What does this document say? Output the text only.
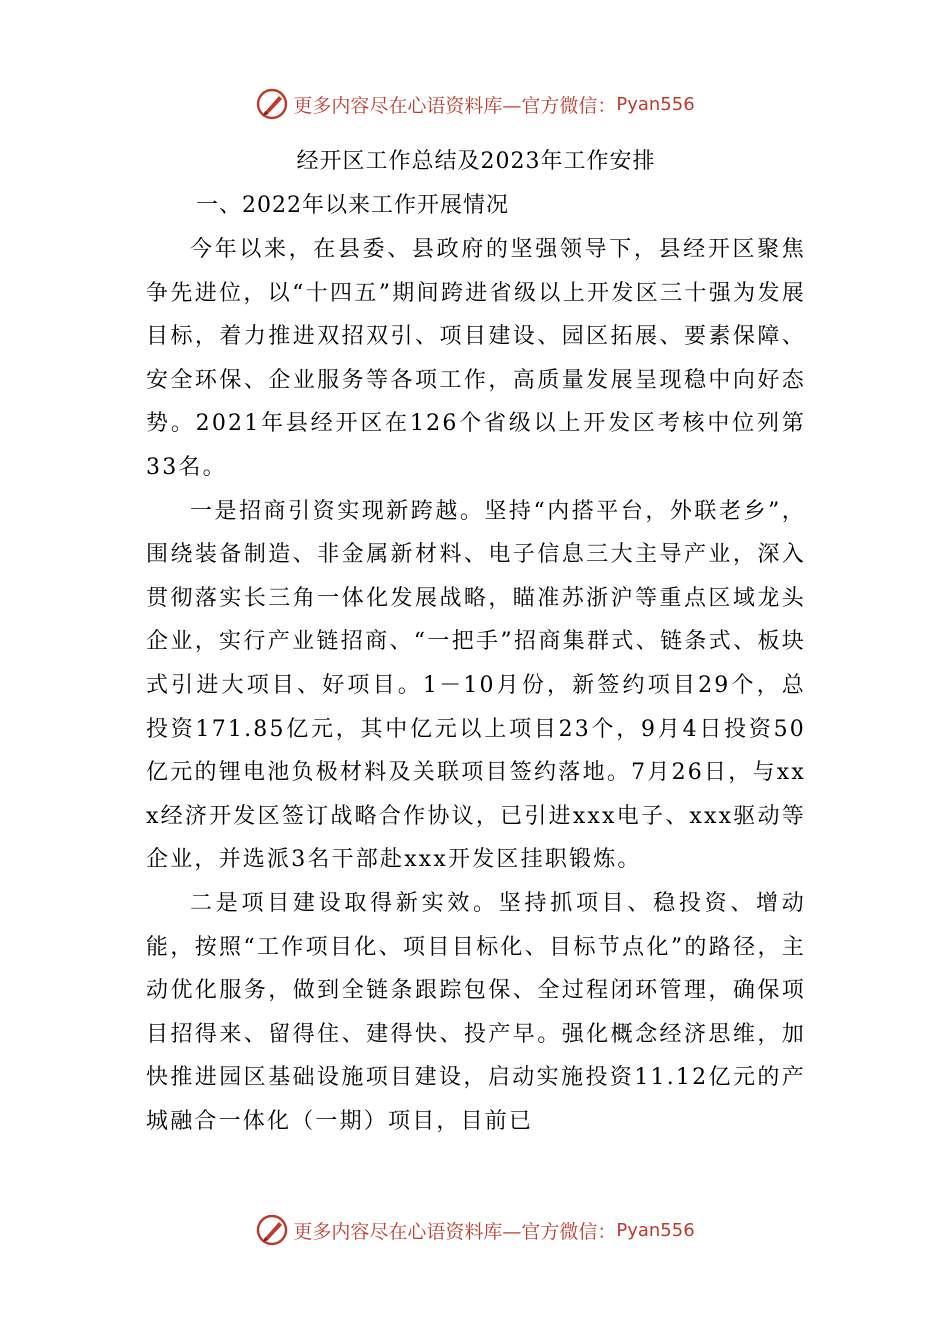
更多内容尽在心语资料库—官方微信： Pyan556
经开区工作总结及2023年工作安排
一、2022年以来工作开展情况

今年以来，在县委、县政府的坚强领导下，县经开区聚焦争先进位，以“十四五”期间跨进省级以上开发区三十强为发展目标，着力推进双招双引、项目建设、园区拓展、要素保障、安全环保、企业服务等各项工作，高质量发展呈现稳中向好态势。2021年县经开区在126个省级以上开发区考核中位列第33名。

一是招商引资实现新跨越。坚持“内搭平台，外联老乡”，围绕装备制造、非金属新材料、电子信息三大主导产业，深入贯彻落实长三角一体化发展战略，瞄准苏浙沪等重点区域龙头企业，实行产业链招商、“一把手”招商集群式、链条式、板块式引进大项目、好项目。1－10月份，新签约项目29个，总投资171.85亿元，其中亿元以上项目23个，9月4日投资50亿元的锂电池负极材料及关联项目签约落地。7月26日，与xxx经济开发区签订战略合作协议，已引进xxx电子、xxx驱动等企业，并选派3名干部赴xxx开发区挂职锻炼。

二是项目建设取得新实效。坚持抓项目、稳投资、增动能，按照“工作项目化、项目目标化、目标节点化”的路径，主动优化服务，做到全链条跟踪包保、全过程闭环管理，确保项目招得来、留得住、建得快、投产早。强化概念经济思维，加快推进园区基础设施项目建设，启动实施投资11.12亿元的产城融合一体化（一期）项目，目前已

更多内容尽在心语资料库—官方微信： Pyan556
